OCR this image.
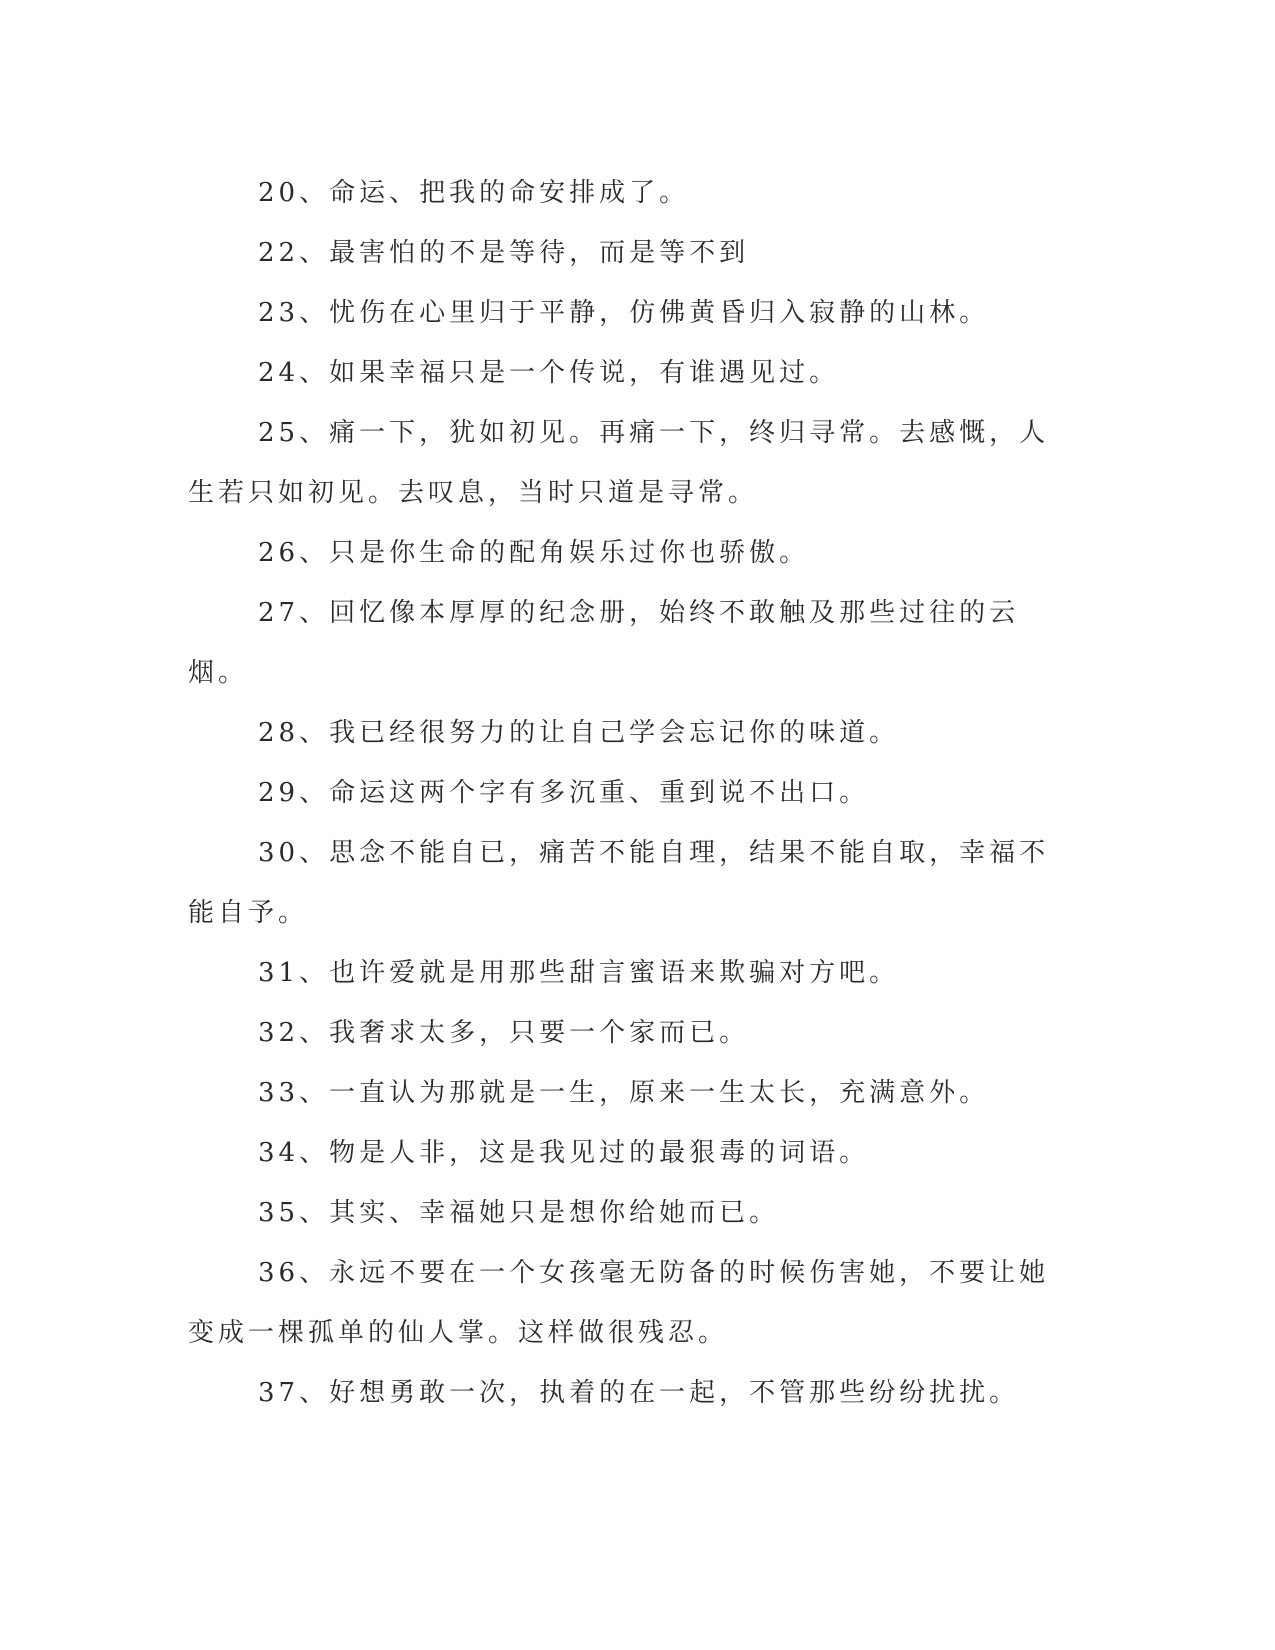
20、命运、把我的命安排成了。

22、最害怕的不是等待，而是等不到

23、忧伤在心里归于平静，仿佛黄昏归入寂静的山林。

24、如果幸福只是一个传说，有谁遇见过。

25、痛一下，犹如初见。再痛一下，终归寻常。去感慨，人生若只如初见。去叹息，当时只道是寻常。

26、只是你生命的配角娱乐过你也骄傲。

27、回忆像本厚厚的纪念册，始终不敢触及那些过往的云烟。

28、我已经很努力的让自己学会忘记你的味道。

29、命运这两个字有多沉重、重到说不出口。

30、思念不能自已，痛苦不能自理，结果不能自取，幸福不能自予。

31、也许爱就是用那些甜言蜜语来欺骗对方吧。

32、我奢求太多，只要一个家而已。

33、一直认为那就是一生，原来一生太长，充满意外。

34、物是人非，这是我见过的最狠毒的词语。

35、其实、幸福她只是想你给她而已。

36、永远不要在一个女孩毫无防备的时候伤害她，不要让她变成一棵孤单的仙人掌。这样做很残忍。

37、好想勇敢一次，执着的在一起，不管那些纷纷扰扰。
